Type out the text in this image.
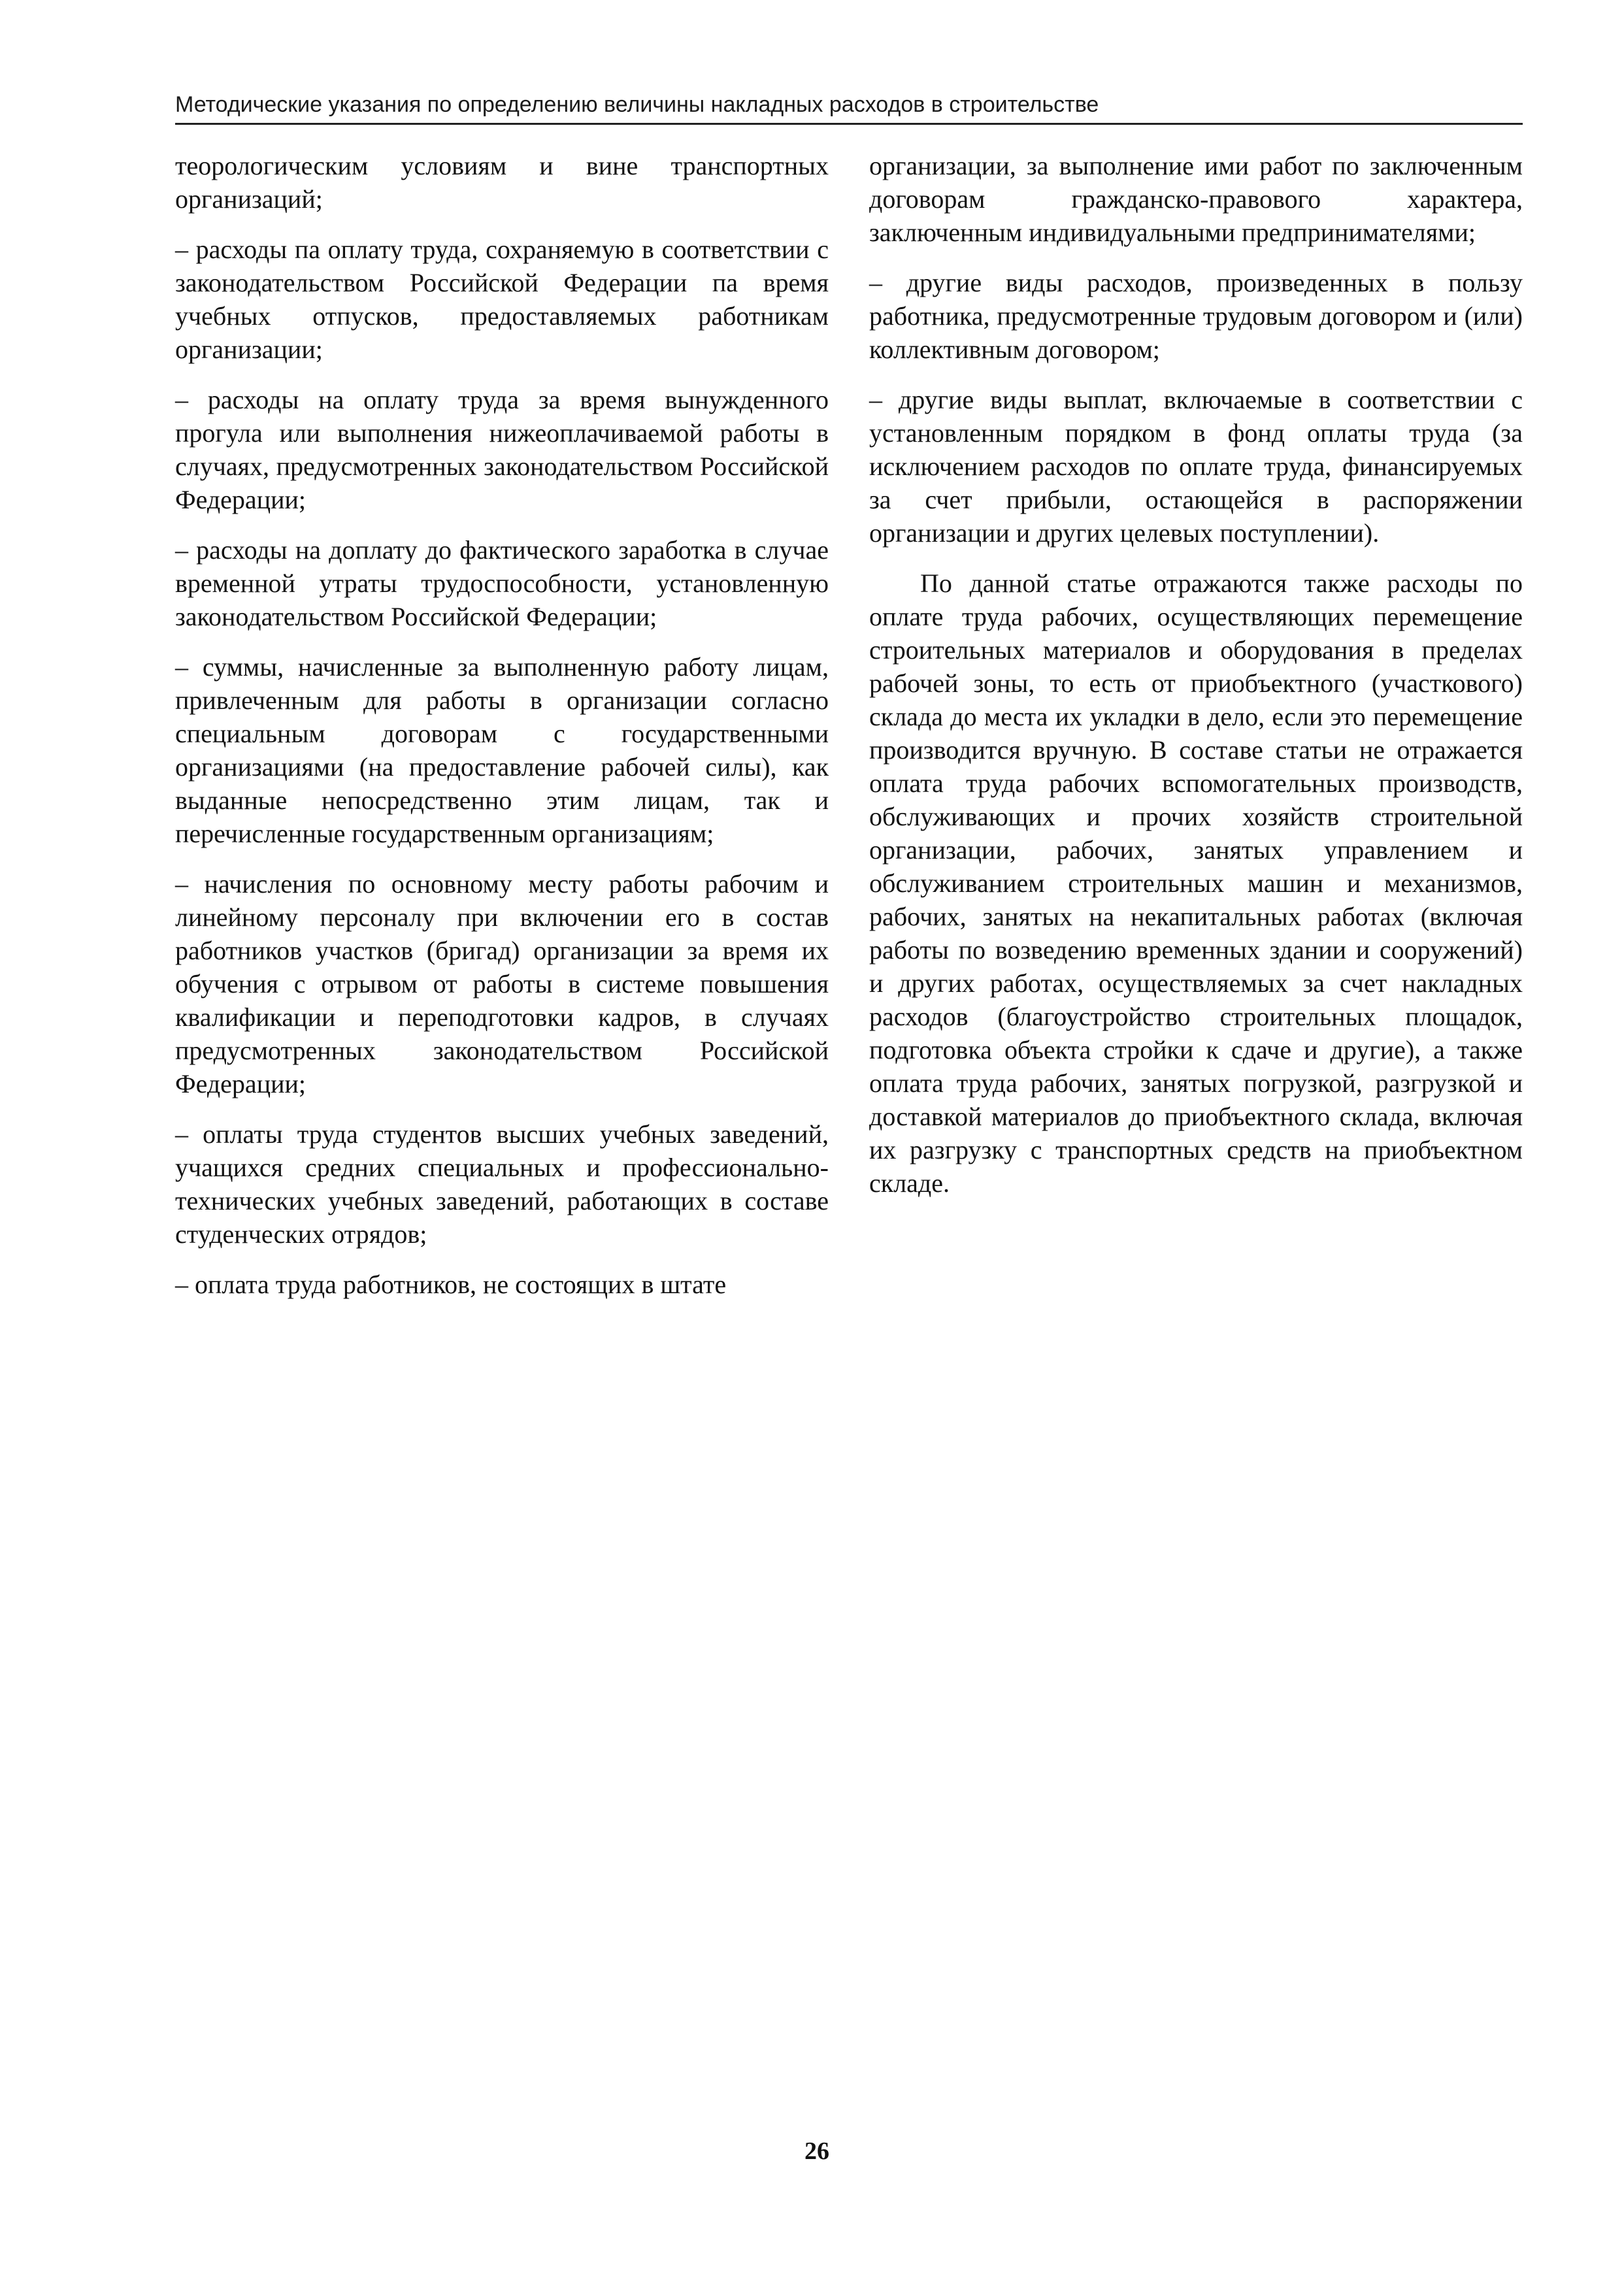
Методические указания по определению величины накладных расходов в строительстве

теорологическим условиям и вине транспортных организаций;

– расходы па оплату труда, сохраняемую в соответствии с законодательством Российской Федерации па время учебных отпусков, предоставляемых работникам организации;

– расходы на оплату труда за время вынужденного прогула или выполнения нижеоплачиваемой работы в случаях, предусмотренных законодательством Российской Федерации;

– расходы на доплату до фактического заработка в случае временной утраты трудоспособности, установленную законодательством Российской Федерации;

– суммы, начисленные за выполненную работу лицам, привлеченным для работы в организации согласно специальным договорам с государственными организациями (на предоставление рабочей силы), как выданные непосредственно этим лицам, так и перечисленные государственным организациям;

– начисления по основному месту работы рабочим и линейному персоналу при включении его в состав работников участков (бригад) организации за время их обучения с отрывом от работы в системе повышения квалификации и переподготовки кадров, в случаях предусмотренных законодательством Российской Федерации;

– оплаты труда студентов высших учебных заведений, учащихся средних специальных и профессионально-технических учебных заведений, работающих в составе студенческих отрядов;

– оплата труда работников, не состоящих в штате

организации, за выполнение ими работ по заключенным договорам гражданско-правового характера, заключенным индивидуальными предпринимателями;

– другие виды расходов, произведенных в пользу работника, предусмотренные трудовым договором и (или) коллективным договором;

– другие виды выплат, включаемые в соответствии с установленным порядком в фонд оплаты труда (за исключением расходов по оплате труда, финансируемых за счет прибыли, остающейся в распоряжении организации и других целевых поступлении).

По данной статье отражаются также расходы по оплате труда рабочих, осуществляющих перемещение строительных материалов и оборудования в пределах рабочей зоны, то есть от приобъектного (участкового) склада до места их укладки в дело, если это перемещение производится вручную. В составе статьи не отражается оплата труда рабочих вспомогательных производств, обслуживающих и прочих хозяйств строительной организации, рабочих, занятых управлением и обслуживанием строительных машин и механизмов, рабочих, занятых на некапитальных работах (включая работы по возведению временных здании и сооружений) и других работах, осуществляемых за счет накладных расходов (благоустройство строительных площадок, подготовка объекта стройки к сдаче и другие), а также оплата труда рабочих, занятых погрузкой, разгрузкой и доставкой материалов до приобъектного склада, включая их разгрузку с транспортных средств на приобъектном складе.

26
